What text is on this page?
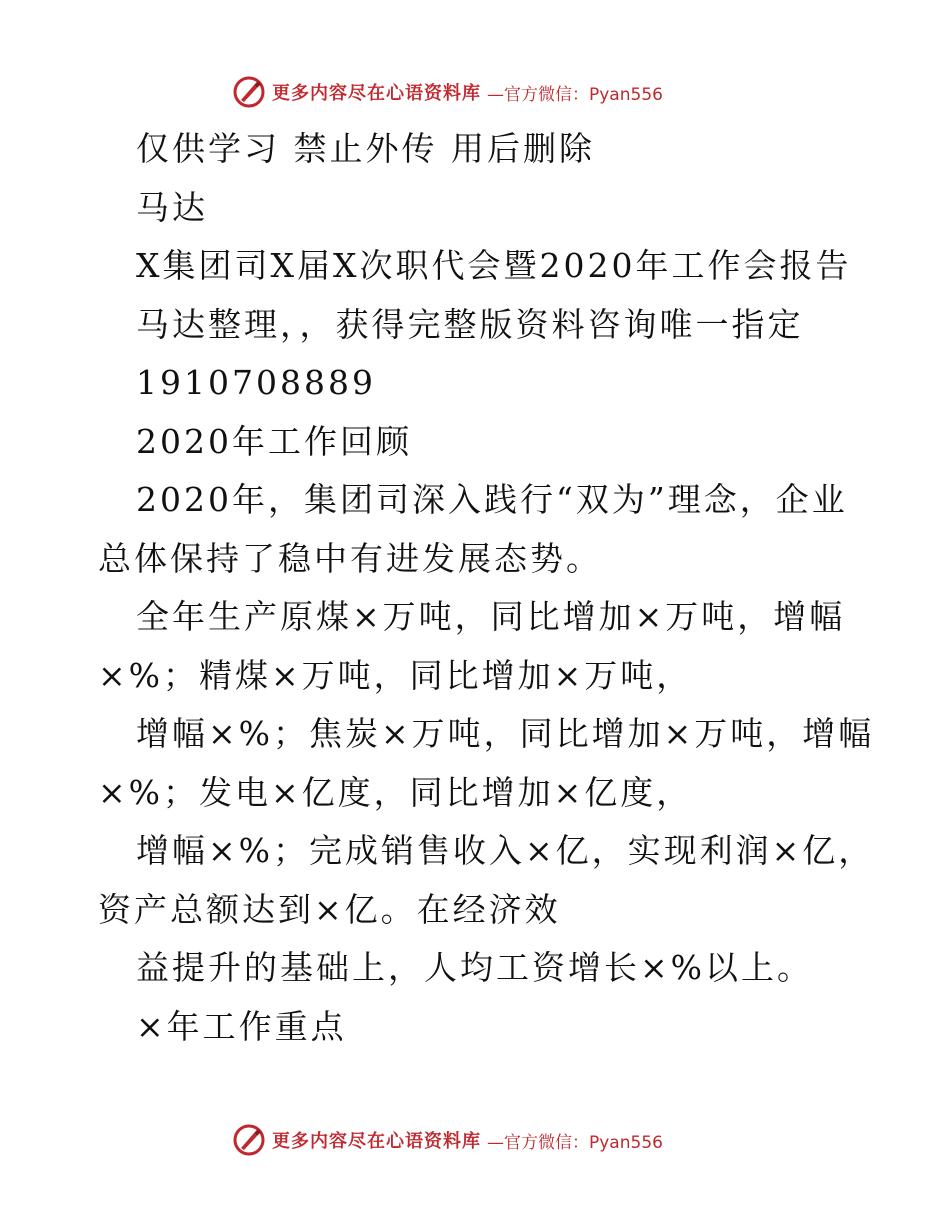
更多内容尽在心语资料库 —官方微信：Pyan556
仅供学习 禁止外传 用后删除
马达
X集团司X届X次职代会暨2020年工作会报告
马达整理，，获得完整版资料咨询唯一指定
1910708889
2020年工作回顾
2020年，集团司深入践行“双为”理念，企业
总体保持了稳中有进发展态势。
全年生产原煤×万吨，同比增加×万吨，增幅
×%；精煤×万吨，同比增加×万吨，
增幅×%；焦炭×万吨，同比增加×万吨，增幅
×%；发电×亿度，同比增加×亿度，
增幅×%；完成销售收入×亿，实现利润×亿，
资产总额达到×亿。在经济效
益提升的基础上，人均工资增长×%以上。
×年工作重点
更多内容尽在心语资料库 —官方微信：Pyan556
